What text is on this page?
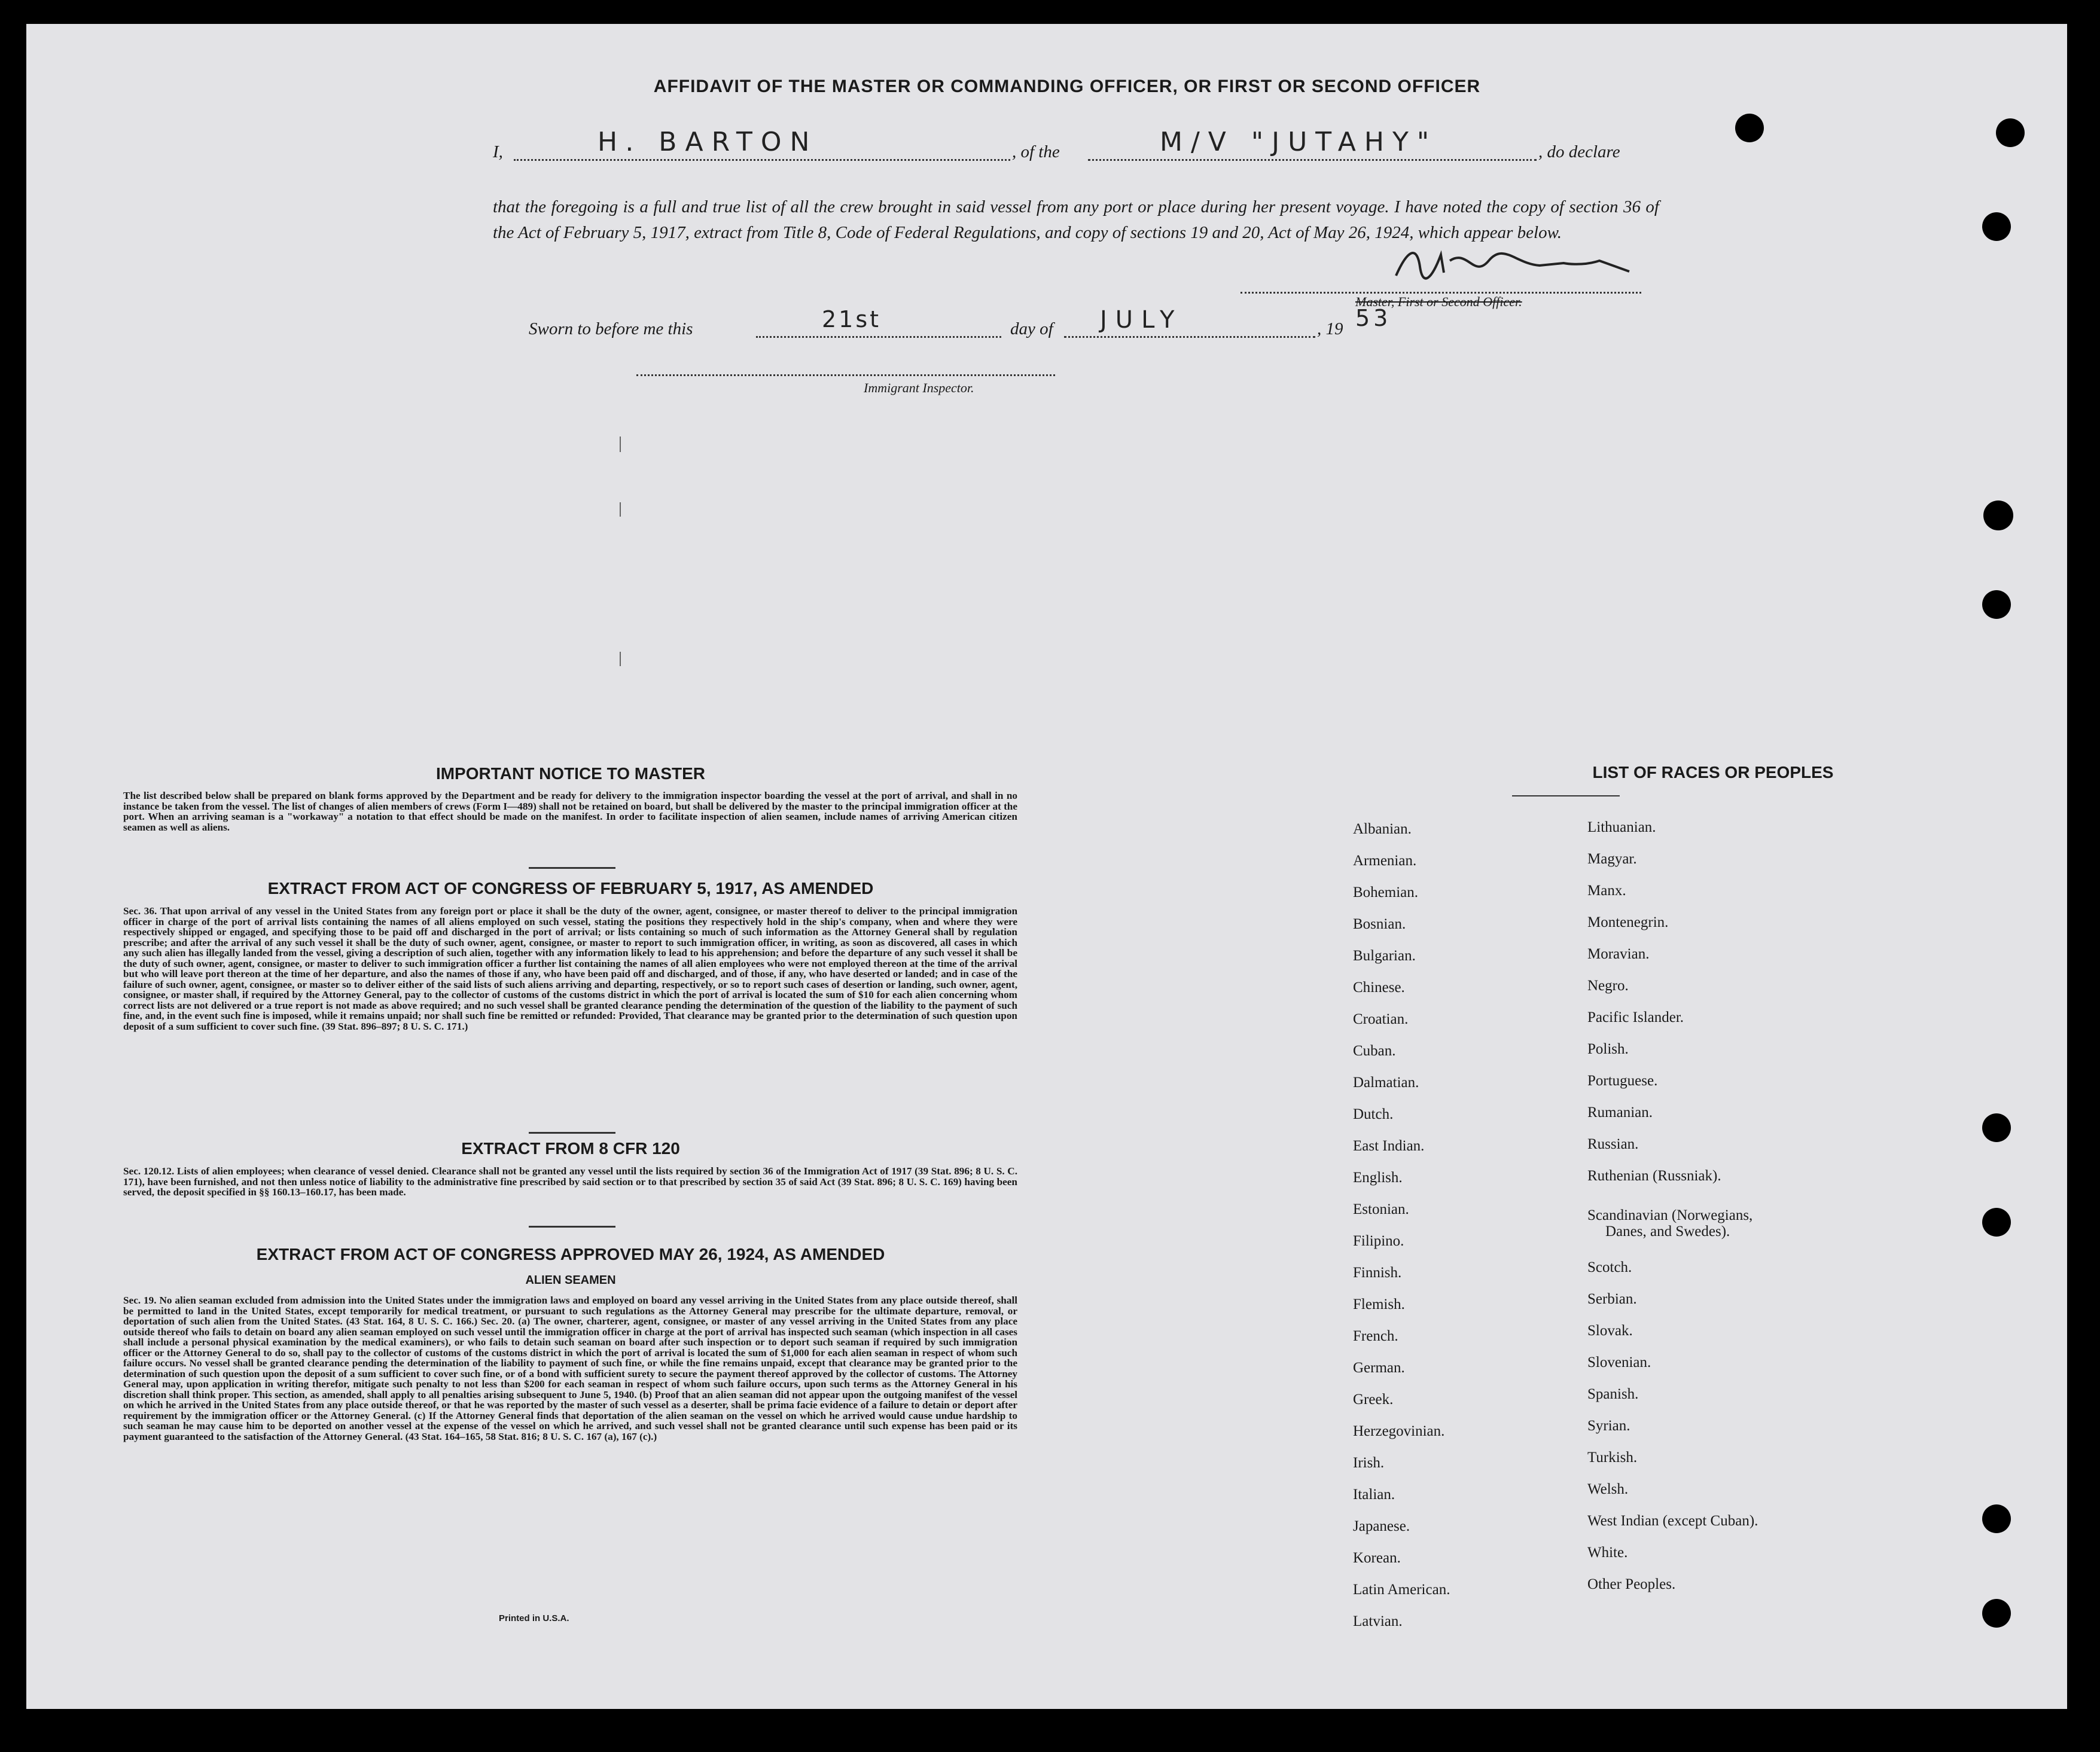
AFFIDAVIT OF THE MASTER OR COMMANDING OFFICER, OR FIRST OR SECOND OFFICER
I,	H. BARTON	, of the	M/V "JUTAHY"	, do declare
that the foregoing is a full and true list of all the crew brought in said vessel from any port or place during her present voyage. I have noted the copy of section 36 of the Act of February 5, 1917, extract from Title 8, Code of Federal Regulations, and copy of sections 19 and 20, Act of May 26, 1924, which appear below.
Master, First or Second Officer.
Sworn to before me this	21st	day of JULY	, 19 53
Immigrant Inspector.
IMPORTANT NOTICE TO MASTER
The list described below shall be prepared on blank forms approved by the Department and be ready for delivery to the immigration inspector boarding the vessel at the port of arrival, and shall in no instance be taken from the vessel. The list of changes of alien members of crews (Form I—489) shall not be retained on board, but shall be delivered by the master to the principal immigration officer at the port. When an arriving seaman is a "workaway" a notation to that effect should be made on the manifest. In order to facilitate inspection of alien seamen, include names of arriving American citizen seamen as well as aliens.
EXTRACT FROM ACT OF CONGRESS OF FEBRUARY 5, 1917, AS AMENDED
Sec. 36. That upon arrival of any vessel in the United States from any foreign port or place it shall be the duty of the owner, agent, consignee, or master thereof to deliver to the principal immigration officer in charge of the port of arrival lists containing the names of all aliens employed on such vessel, stating the positions they respectively hold in the ship's company, when and where they were respectively shipped or engaged, and specifying those to be paid off and discharged in the port of arrival; or lists containing so much of such information as the Attorney General shall by regulation prescribe; and after the arrival of any such vessel it shall be the duty of such owner, agent, consignee, or master to report to such immigration officer, in writing, as soon as discovered, all cases in which any such alien has illegally landed from the vessel, giving a description of such alien, together with any information likely to lead to his apprehension; and before the departure of any such vessel it shall be the duty of such owner, agent, consignee, or master to deliver to such immigration officer a further list containing the names of all alien employees who were not employed thereon at the time of the arrival but who will leave port thereon at the time of her departure, and also the names of those if any, who have been paid off and discharged, and of those, if any, who have deserted or landed; and in case of the failure of such owner, agent, consignee, or master so to deliver either of the said lists of such aliens arriving and departing, respectively, or so to report such cases of desertion or landing, such owner, agent, consignee, or master shall, if required by the Attorney General, pay to the collector of customs of the customs district in which the port of arrival is located the sum of $10 for each alien concerning whom correct lists are not delivered or a true report is not made as above required; and no such vessel shall be granted clearance pending the determination of the question of the liability to the payment of such fine, and, in the event such fine is imposed, while it remains unpaid; nor shall such fine be remitted or refunded: Provided, That clearance may be granted prior to the determination of such question upon deposit of a sum sufficient to cover such fine. (39 Stat. 896–897; 8 U. S. C. 171.)
EXTRACT FROM 8 CFR 120
Sec. 120.12. Lists of alien employees; when clearance of vessel denied. Clearance shall not be granted any vessel until the lists required by section 36 of the Immigration Act of 1917 (39 Stat. 896; 8 U. S. C. 171), have been furnished, and not then unless notice of liability to the administrative fine prescribed by said section or to that prescribed by section 35 of said Act (39 Stat. 896; 8 U. S. C. 169) having been served, the deposit specified in §§ 160.13–160.17, has been made.
EXTRACT FROM ACT OF CONGRESS APPROVED MAY 26, 1924, AS AMENDED
ALIEN SEAMEN
Sec. 19. No alien seaman excluded from admission into the United States under the immigration laws and employed on board any vessel arriving in the United States from any place outside thereof, shall be permitted to land in the United States, except temporarily for medical treatment, or pursuant to such regulations as the Attorney General may prescribe for the ultimate departure, removal, or deportation of such alien from the United States. (43 Stat. 164, 8 U. S. C. 166.) Sec. 20. (a) The owner, charterer, agent, consignee, or master of any vessel arriving in the United States from any place outside thereof who fails to detain on board any alien seaman employed on such vessel until the immigration officer in charge at the port of arrival has inspected such seaman (which inspection in all cases shall include a personal physical examination by the medical examiners), or who fails to detain such seaman on board after such inspection or to deport such seaman if required by such immigration officer or the Attorney General to do so, shall pay to the collector of customs of the customs district in which the port of arrival is located the sum of $1,000 for each alien seaman in respect of whom such failure occurs. No vessel shall be granted clearance pending the determination of the liability to payment of such fine, or while the fine remains unpaid, except that clearance may be granted prior to the determination of such question upon the deposit of a sum sufficient to cover such fine, or of a bond with sufficient surety to secure the payment thereof approved by the collector of customs. The Attorney General may, upon application in writing therefor, mitigate such penalty to not less than $200 for each seaman in respect of whom such failure occurs, upon such terms as the Attorney General in his discretion shall think proper. This section, as amended, shall apply to all penalties arising subsequent to June 5, 1940. (b) Proof that an alien seaman did not appear upon the outgoing manifest of the vessel on which he arrived in the United States from any place outside thereof, or that he was reported by the master of such vessel as a deserter, shall be prima facie evidence of a failure to detain or deport after requirement by the immigration officer or the Attorney General. (c) If the Attorney General finds that deportation of the alien seaman on the vessel on which he arrived would cause undue hardship to such seaman he may cause him to be deported on another vessel at the expense of the vessel on which he arrived, and such vessel shall not be granted clearance until such expense has been paid or its payment guaranteed to the satisfaction of the Attorney General. (43 Stat. 164–165, 58 Stat. 816; 8 U. S. C. 167 (a), 167 (c).)
Printed in U.S.A.
LIST OF RACES OR PEOPLES
Albanian.
Armenian.
Bohemian.
Bosnian.
Bulgarian.
Chinese.
Croatian.
Cuban.
Dalmatian.
Dutch.
East Indian.
English.
Estonian.
Filipino.
Finnish.
Flemish.
French.
German.
Greek.
Herzegovinian.
Irish.
Italian.
Japanese.
Korean.
Latin American.
Latvian.
Lithuanian.
Magyar.
Manx.
Montenegrin.
Moravian.
Negro.
Pacific Islander.
Polish.
Portuguese.
Rumanian.
Russian.
Ruthenian (Russniak).
Scandinavian (Norwegians,
Danes, and Swedes).
Scotch.
Serbian.
Slovak.
Slovenian.
Spanish.
Syrian.
Turkish.
Welsh.
West Indian (except Cuban).
White.
Other Peoples.
